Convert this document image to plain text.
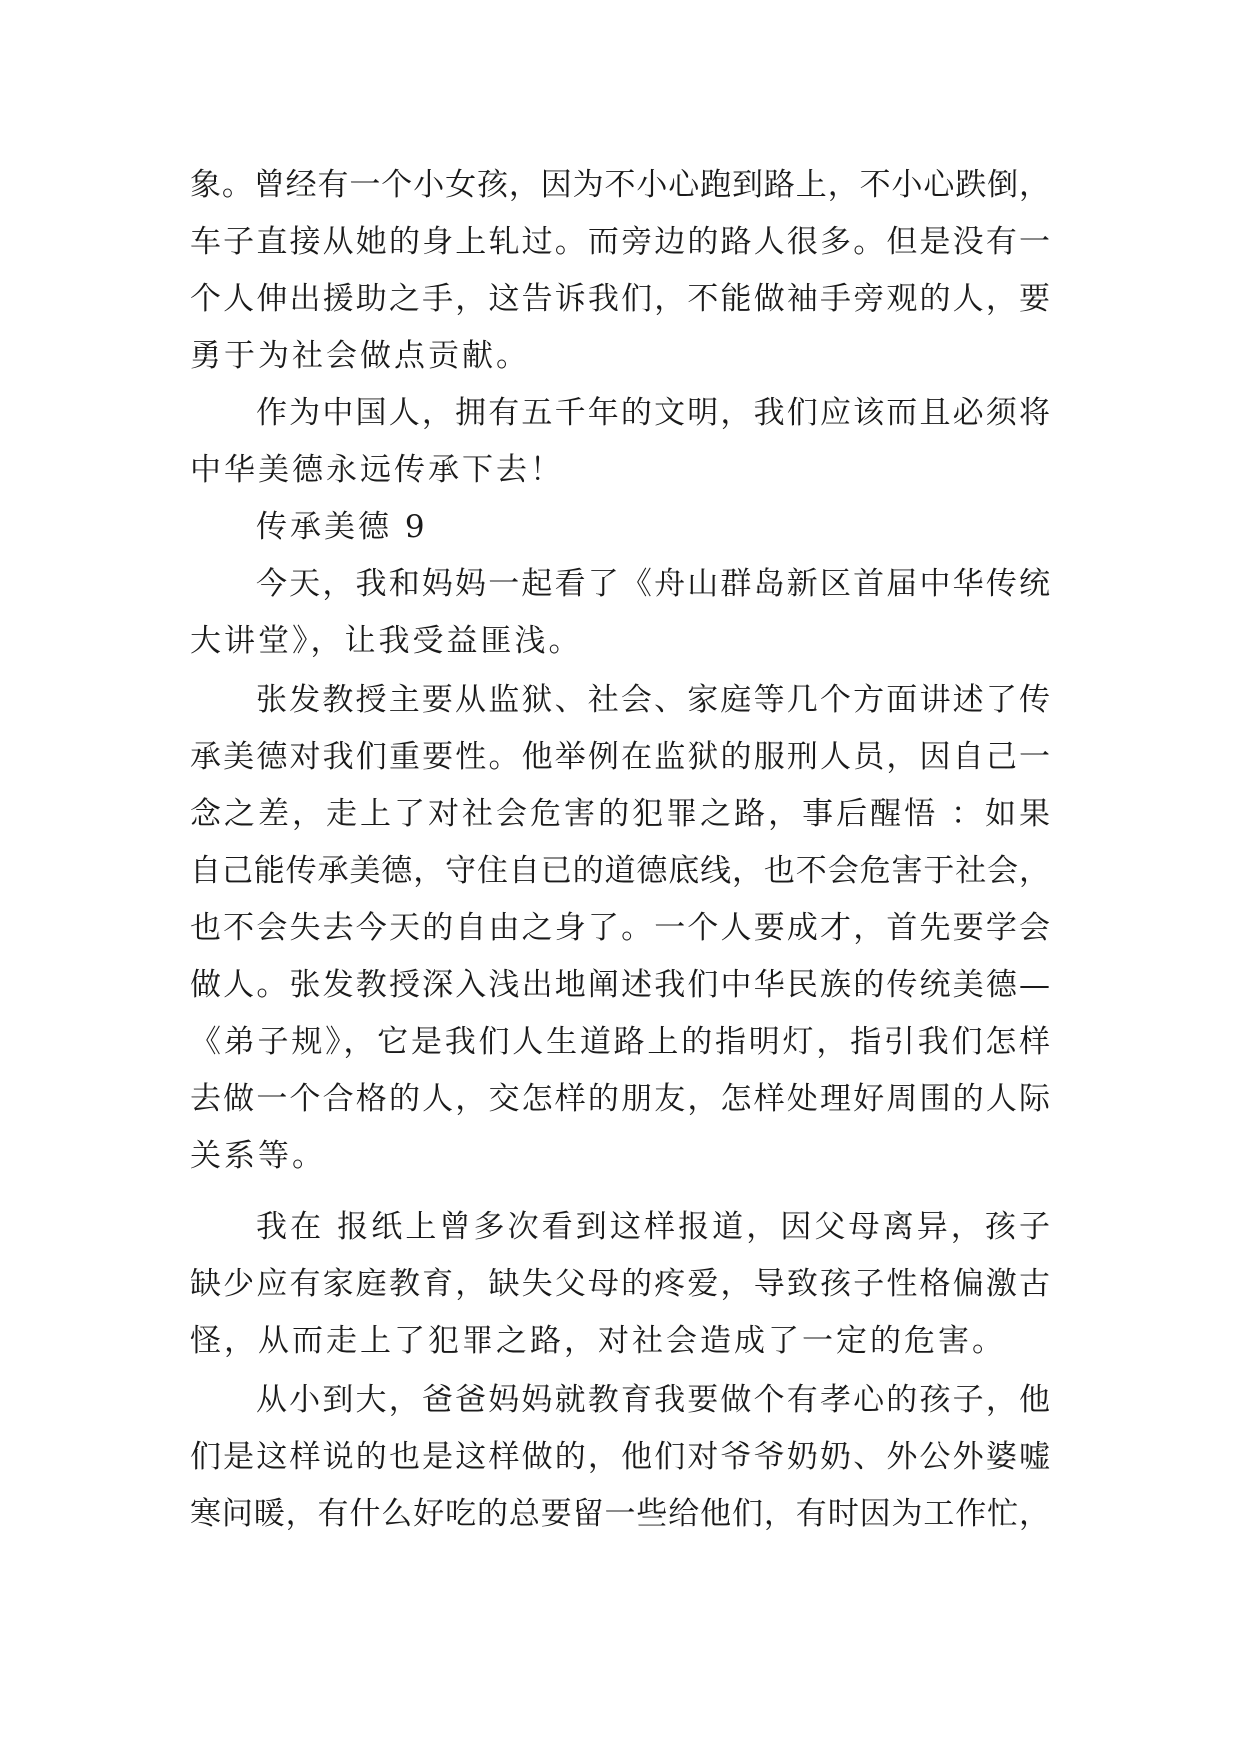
象。曾经有一个小女孩，因为不小心跑到路上，不小心跌倒，
车子直接从她的身上轧过。而旁边的路人很多。但是没有一
个人伸出援助之手，这告诉我们，不能做袖手旁观的人，要
勇于为社会做点贡献。
作为中国人，拥有五千年的文明，我们应该而且必须将
中华美德永远传承下去！
传承美德 9
今天，我和妈妈一起看了《舟山群岛新区首届中华传统
大讲堂》，让我受益匪浅。
张发教授主要从监狱、社会、家庭等几个方面讲述了传
承美德对我们重要性。他举例在监狱的服刑人员，因自己一
念之差，走上了对社会危害的犯罪之路，事后醒悟 ：如果
自己能传承美德，守住自已的道德底线，也不会危害于社会，
也不会失去今天的自由之身了。一个人要成才，首先要学会
做人。张发教授深入浅出地阐述我们中华民族的传统美德—
《弟子规》，它是我们人生道路上的指明灯，指引我们怎样
去做一个合格的人，交怎样的朋友，怎样处理好周围的人际
关系等。
我在 报纸上曾多次看到这样报道，因父母离异，孩子
缺少应有家庭教育，缺失父母的疼爱，导致孩子性格偏激古
怪，从而走上了犯罪之路，对社会造成了一定的危害。
从小到大，爸爸妈妈就教育我要做个有孝心的孩子，他
们是这样说的也是这样做的，他们对爷爷奶奶、外公外婆嘘
寒问暖，有什么好吃的总要留一些给他们，有时因为工作忙，
